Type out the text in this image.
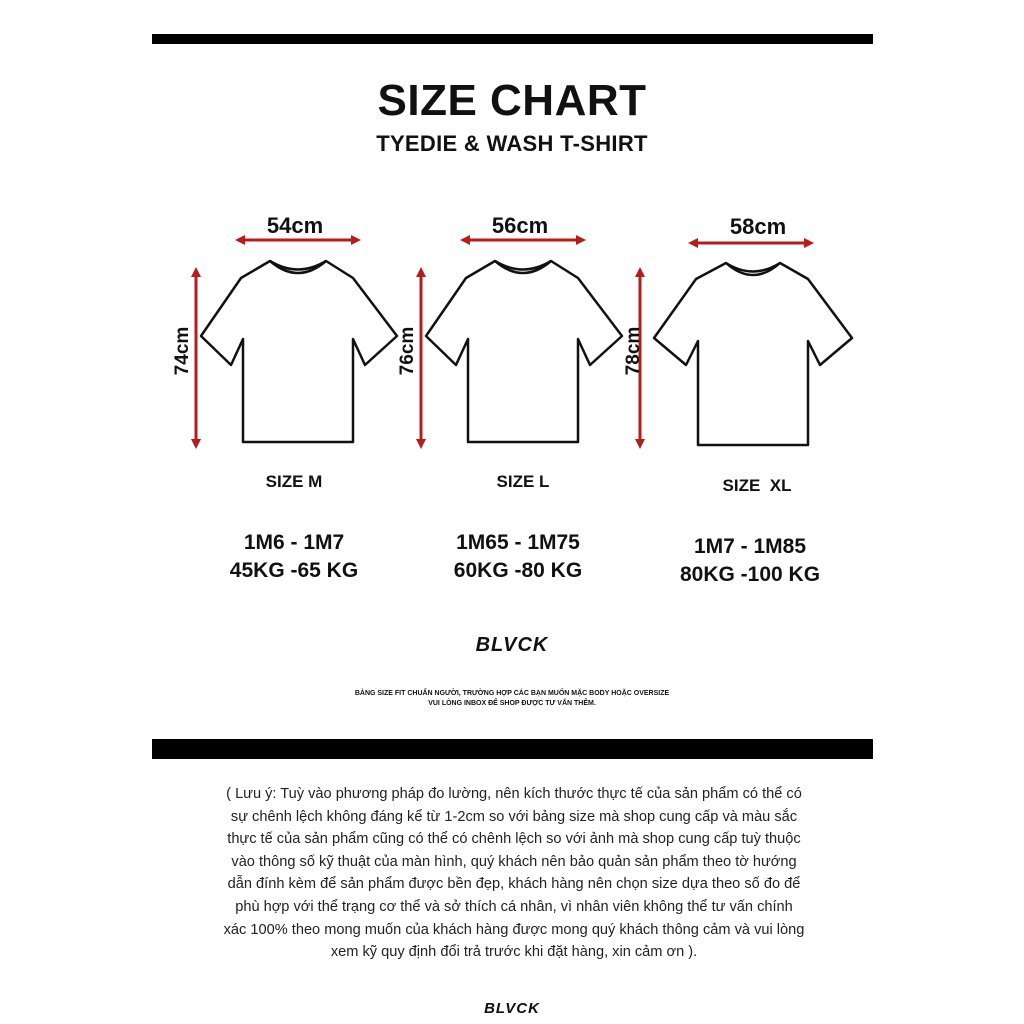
SIZE CHART
TYEDIE & WASH T-SHIRT
54cm
74cm
SIZE M
1M6 - 1M7
45KG -65 KG
56cm
76cm
SIZE L
1M65 - 1M75
60KG -80 KG
58cm
78cm
SIZE  XL
1M7 - 1M85
80KG -100 KG
BLVCK
BẢNG SIZE FIT CHUẨN NGƯỜI, TRƯỜNG HỢP CÁC BẠN MUỐN MẶC BODY HOẶC OVERSIZE
VUI LÒNG INBOX ĐỂ SHOP ĐƯỢC TƯ VẤN THÊM.
( Lưu ý: Tuỳ vào phương pháp đo lường, nên kích thước thực tế của sản phẩm có thể có sự chênh lệch không đáng kể từ 1-2cm so với bảng size mà shop cung cấp và màu sắc thực tế của sản phẩm cũng có thể có chênh lệch so với ảnh mà shop cung cấp tuỳ thuộc vào thông số kỹ thuật của màn hình, quý khách nên bảo quản sản phẩm theo tờ hướng dẫn đính kèm để sản phẩm được bền đẹp, khách hàng nên chọn size dựa theo số đo để phù hợp với thể trạng cơ thể và sở thích cá nhân, vì nhân viên không thể tư vấn chính xác 100% theo mong muốn của khách hàng được mong quý khách thông cảm và vui lòng xem kỹ quy định đổi trả trước khi đặt hàng, xin cảm ơn ).
BLVCK
